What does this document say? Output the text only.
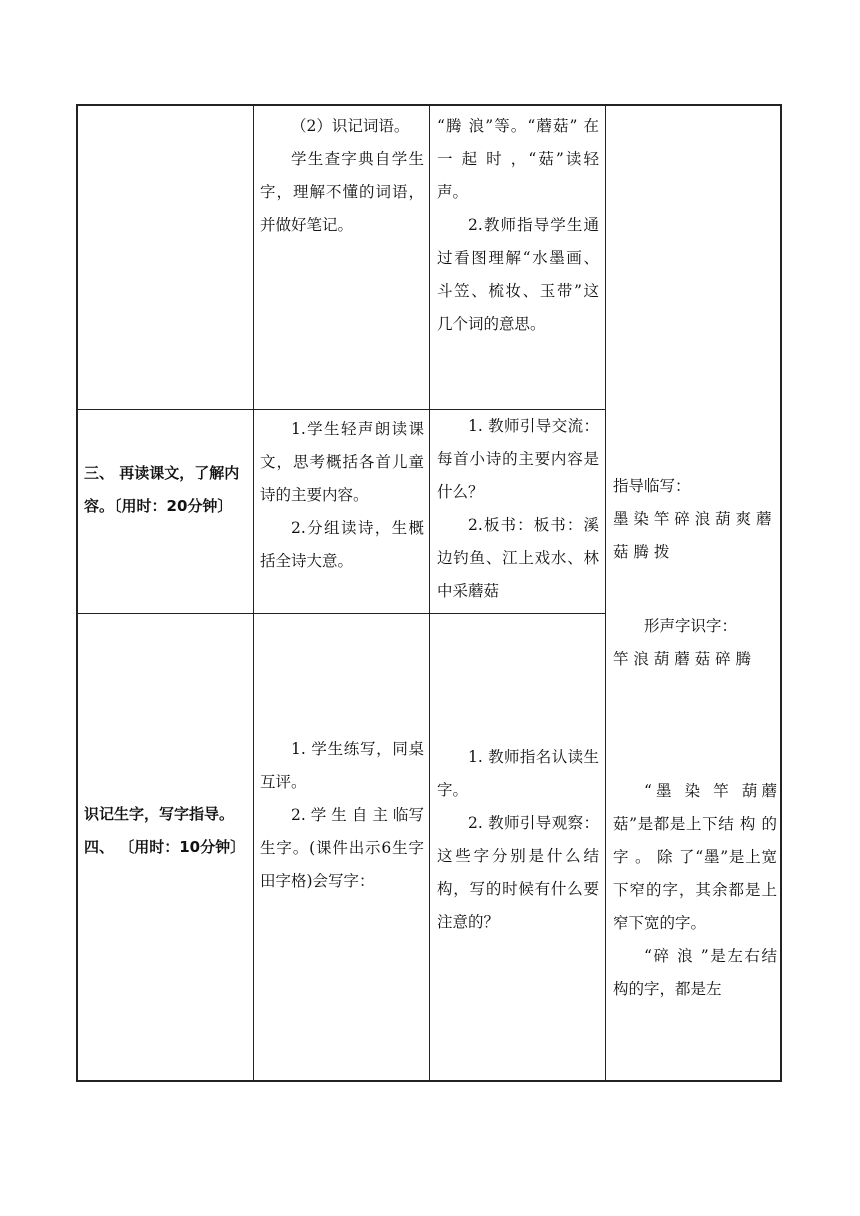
（2）识记词语。

学生查字典自学生字，理解不懂的词语，并做好笔记。

“腾 浪”等。“蘑菇” 在 一 起 时 ，“菇”读轻声。

2.教师指导学生通过看图理解“水墨画、斗笠、梳妆、玉带”这几个词的意思。

三、 再读课文，了解内容。〔用时：20分钟〕

1.学生轻声朗读课文，思考概括各首儿童诗的主要内容。

2.分组读诗，生概括全诗大意。

1. 教师引导交流：每首小诗的主要内容是什么？

2.板书：板书：溪边钓鱼、江上戏水、林中采蘑菇

识记生字，写字指导。四、 〔用时：10分钟〕

1. 学生练写，同桌互评。

2. 学 生 自 主 临写生字。(课件出示6生字田字格)会写字：

1. 教师指名认读生字。

2. 教师引导观察：这些字分别是什么结构，写的时候有什么要注意的？

指导临写：

墨 染 竿 碎 浪 葫 爽 蘑 菇 腾 拨

形声字识字：

竿 浪 葫 蘑 菇 碎 腾

“墨 染 竿 葫蘑 菇”是都是上下结 构 的 字 。 除 了“墨”是上宽下窄的字，其余都是上窄下宽的字。

“碎 浪 ”是左右结构的字，都是左
